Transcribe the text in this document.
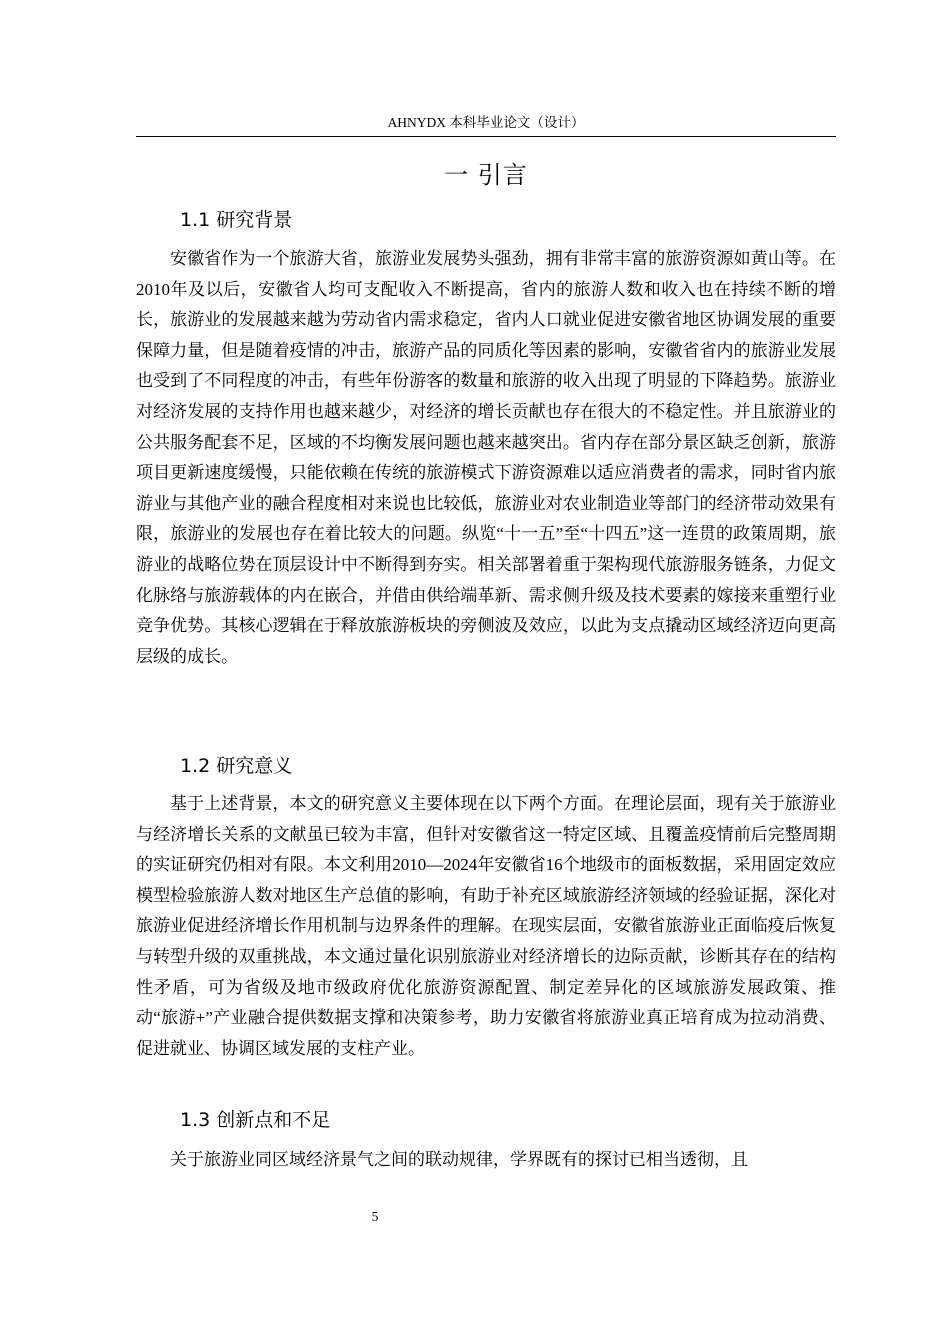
AHNYDX 本科毕业论文（设计）
一 引言
1.1 研究背景

安徽省作为一个旅游大省，旅游业发展势头强劲，拥有非常丰富的旅游资源如黄山等。在2010年及以后，安徽省人均可支配收入不断提高，省内的旅游人数和收入也在持续不断的增长，旅游业的发展越来越为劳动省内需求稳定，省内人口就业促进安徽省地区协调发展的重要保障力量，但是随着疫情的冲击，旅游产品的同质化等因素的影响，安徽省省内的旅游业发展也受到了不同程度的冲击，有些年份游客的数量和旅游的收入出现了明显的下降趋势。旅游业对经济发展的支持作用也越来越少，对经济的增长贡献也存在很大的不稳定性。并且旅游业的公共服务配套不足，区域的不均衡发展问题也越来越突出。省内存在部分景区缺乏创新，旅游项目更新速度缓慢，只能依赖在传统的旅游模式下游资源难以适应消费者的需求，同时省内旅游业与其他产业的融合程度相对来说也比较低，旅游业对农业制造业等部门的经济带动效果有限，旅游业的发展也存在着比较大的问题。纵览“十一五”至“十四五”这一连贯的政策周期，旅游业的战略位势在顶层设计中不断得到夯实。相关部署着重于架构现代旅游服务链条，力促文化脉络与旅游载体的内在嵌合，并借由供给端革新、需求侧升级及技术要素的嫁接来重塑行业竞争优势。其核心逻辑在于释放旅游板块的旁侧波及效应，以此为支点撬动区域经济迈向更高层级的成长。

1.2 研究意义

基于上述背景，本文的研究意义主要体现在以下两个方面。在理论层面，现有关于旅游业与经济增长关系的文献虽已较为丰富，但针对安徽省这一特定区域、且覆盖疫情前后完整周期的实证研究仍相对有限。本文利用2010—2024年安徽省16个地级市的面板数据，采用固定效应模型检验旅游人数对地区生产总值的影响，有助于补充区域旅游经济领域的经验证据，深化对旅游业促进经济增长作用机制与边界条件的理解。在现实层面，安徽省旅游业正面临疫后恢复与转型升级的双重挑战，本文通过量化识别旅游业对经济增长的边际贡献，诊断其存在的结构性矛盾，可为省级及地市级政府优化旅游资源配置、制定差异化的区域旅游发展政策、推动“旅游+”产业融合提供数据支撑和决策参考，助力安徽省将旅游业真正培育成为拉动消费、促进就业、协调区域发展的支柱产业。

1.3 创新点和不足

关于旅游业同区域经济景气之间的联动规律，学界既有的探讨已相当透彻，且

5
